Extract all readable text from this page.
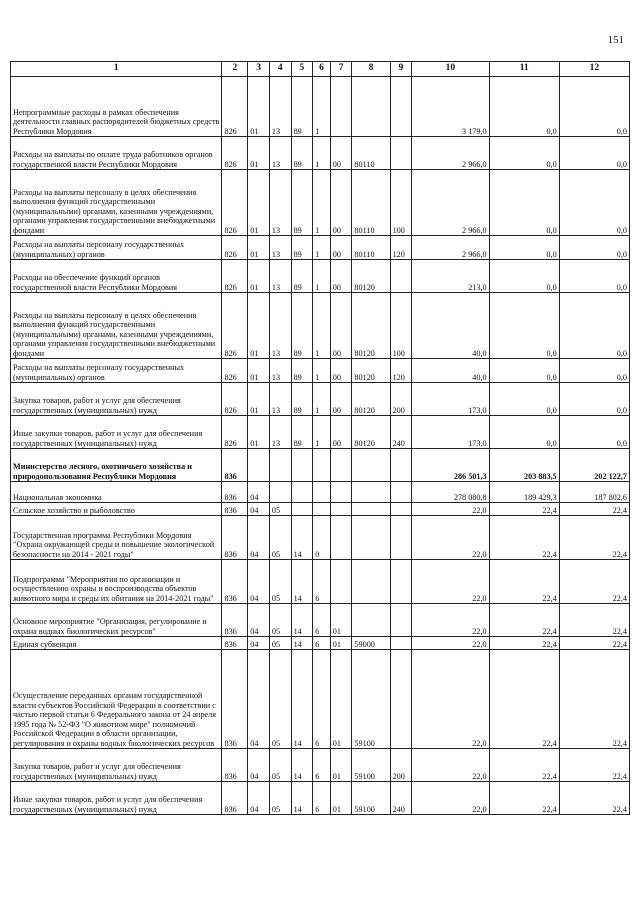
151
1	2	3	4	5	6	7	8	9	10	11	12
Непрограммные расходы в рамках обеспечения деятельности главных распорядителей бюджетных средств Республики Мордовия	826	01	13	89	1				3 179,0	0,0	0,0
Расходы на выплаты по оплате труда работников органов государственной власти Республики Мордовия	826	01	13	89	1	00	80110		2 966,0	0,0	0,0
Расходы на выплаты персоналу в целях обеспечения выполнения функций государственными (муниципальными) органами, казенными учреждениями, органами управления государственными внебюджетными фондами	826	01	13	89	1	00	80110	100	2 966,0	0,0	0,0
Расходы на выплаты персоналу государственных (муниципальных) органов	826	01	13	89	1	00	80110	120	2 966,0	0,0	0,0
Расходы на обеспечение функций органов государственной власти Республики Мордовия	826	01	13	89	1	00	80120		213,0	0,0	0,0
Расходы на выплаты персоналу в целях обеспечения выполнения функций государственными (муниципальными) органами, казенными учреждениями, органами управления государственными внебюджетными фондами	826	01	13	89	1	00	80120	100	40,0	0,0	0,0
Расходы на выплаты персоналу государственных (муниципальных) органов	826	01	13	89	1	00	80120	120	40,0	0,0	0,0
Закупка товаров, работ и услуг для обеспечения государственных (муниципальных) нужд	826	01	13	89	1	00	80120	200	173,0	0,0	0,0
Иные закупки товаров, работ и услуг для обеспечения государственных (муниципальных) нужд	826	01	13	89	1	00	80120	240	173,0	0,0	0,0
Министерство лесного, охотничьего хозяйства и природопользования Республики Мордовия	836								286 501,3	203 883,5	202 122,7
Национальная экономика	836	04							278 080,8	189 429,3	187 802,6
Сельское хозяйство и рыболовство	836	04	05						22,0	22,4	22,4
Государственная программа Республики Мордовия "Охрана окружающей среды и повышение экологической безопасности на 2014 - 2021 годы"	836	04	05	14	0				22,0	22,4	22,4
Подпрограмма "Мероприятия по организации и осуществлению охраны и воспроизводства объектов животного мира и среды их обитания на 2014-2021 годы"	836	04	05	14	6				22,0	22,4	22,4
Основное мероприятие "Организация, регулирование и охрана водных биологических ресурсов"	836	04	05	14	6	01			22,0	22,4	22,4
Единая субвенция	836	04	05	14	6	01	59000		22,0	22,4	22,4
Осуществление переданных органам государственной власти субъектов Российской Федерации в соответствии с частью первой статьи 6 Федерального закона от 24 апреля 1995 года № 52-ФЗ "О животном мире" полномочий Российской Федерации в области организации, регулирования и охраны водных биологических ресурсов	836	04	05	14	6	01	59100		22,0	22,4	22,4
Закупка товаров, работ и услуг для обеспечения государственных (муниципальных) нужд	836	04	05	14	6	01	59100	200	22,0	22,4	22,4
Иные закупки товаров, работ и услуг для обеспечения государственных (муниципальных) нужд	836	04	05	14	6	01	59100	240	22,0	22,4	22,4
